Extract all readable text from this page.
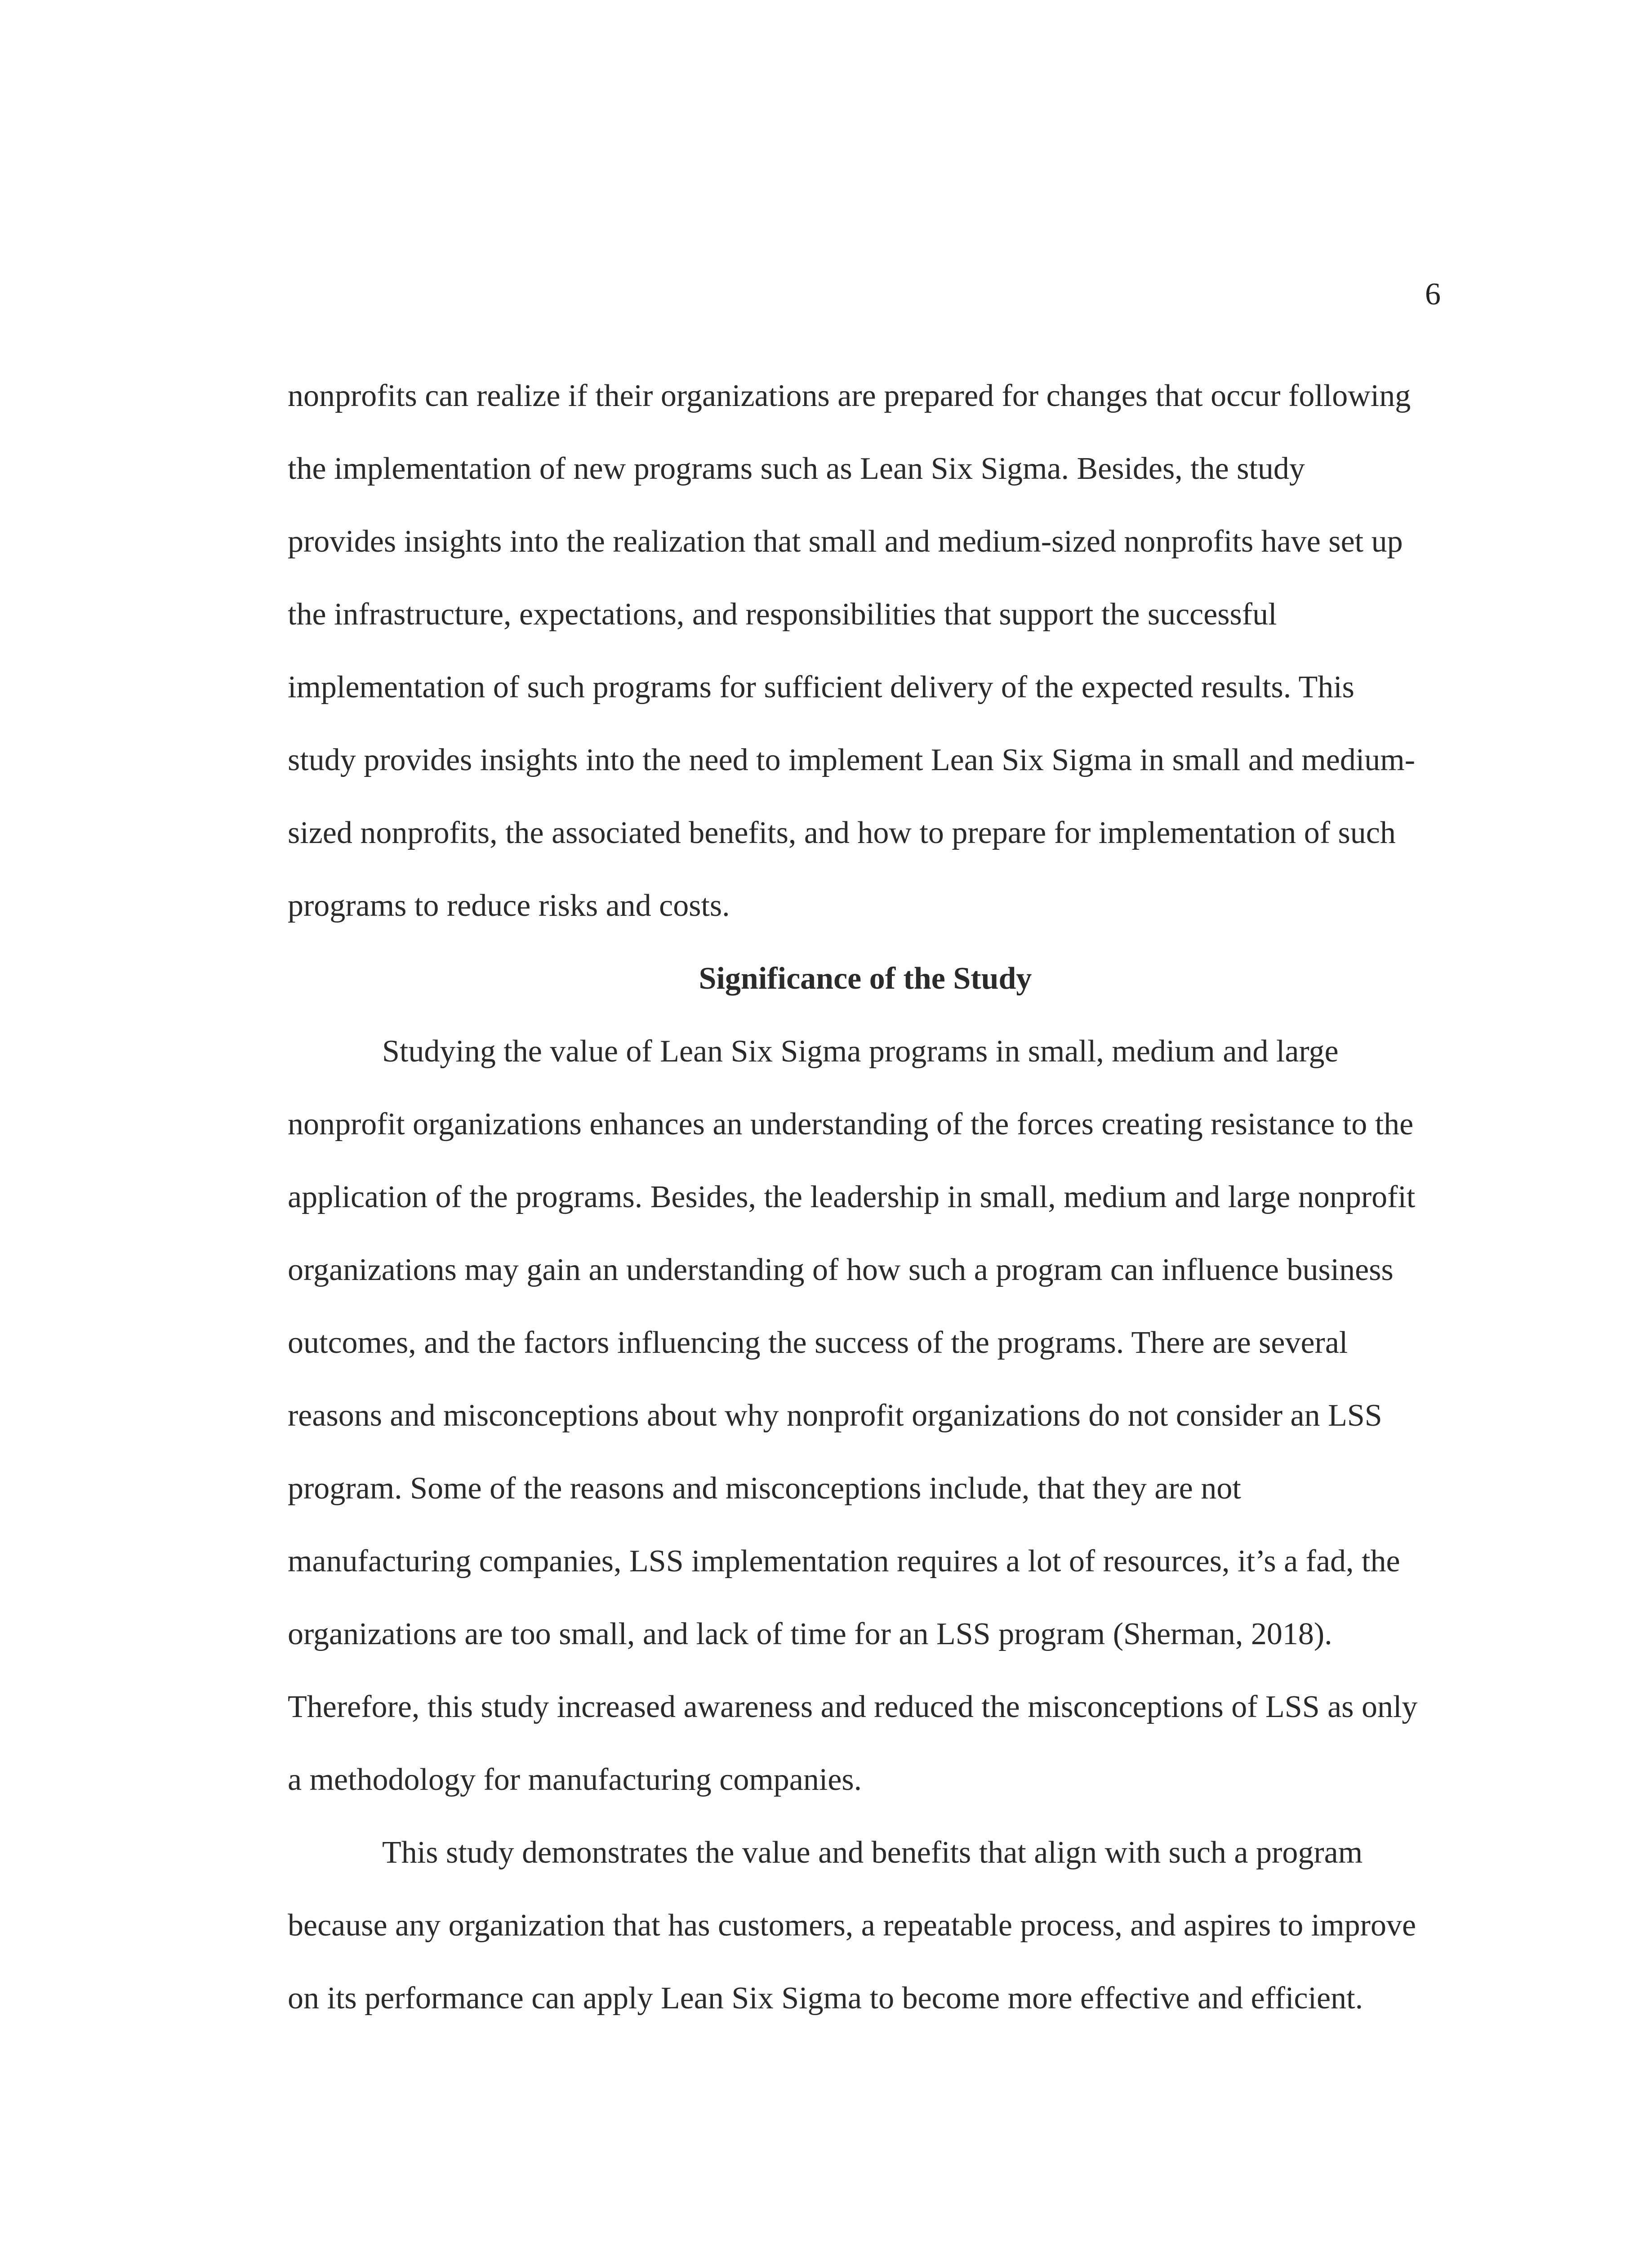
6
nonprofits can realize if their organizations are prepared for changes that occur following
the implementation of new programs such as Lean Six Sigma. Besides, the study
provides insights into the realization that small and medium-sized nonprofits have set up
the infrastructure, expectations, and responsibilities that support the successful
implementation of such programs for sufficient delivery of the expected results. This
study provides insights into the need to implement Lean Six Sigma in small and medium-
sized nonprofits, the associated benefits, and how to prepare for implementation of such
programs to reduce risks and costs.
Significance of the Study
Studying the value of Lean Six Sigma programs in small, medium and large
nonprofit organizations enhances an understanding of the forces creating resistance to the
application of the programs. Besides, the leadership in small, medium and large nonprofit
organizations may gain an understanding of how such a program can influence business
outcomes, and the factors influencing the success of the programs. There are several
reasons and misconceptions about why nonprofit organizations do not consider an LSS
program. Some of the reasons and misconceptions include, that they are not
manufacturing companies, LSS implementation requires a lot of resources, it’s a fad, the
organizations are too small, and lack of time for an LSS program (Sherman, 2018).
Therefore, this study increased awareness and reduced the misconceptions of LSS as only
a methodology for manufacturing companies.
This study demonstrates the value and benefits that align with such a program
because any organization that has customers, a repeatable process, and aspires to improve
on its performance can apply Lean Six Sigma to become more effective and efficient.
